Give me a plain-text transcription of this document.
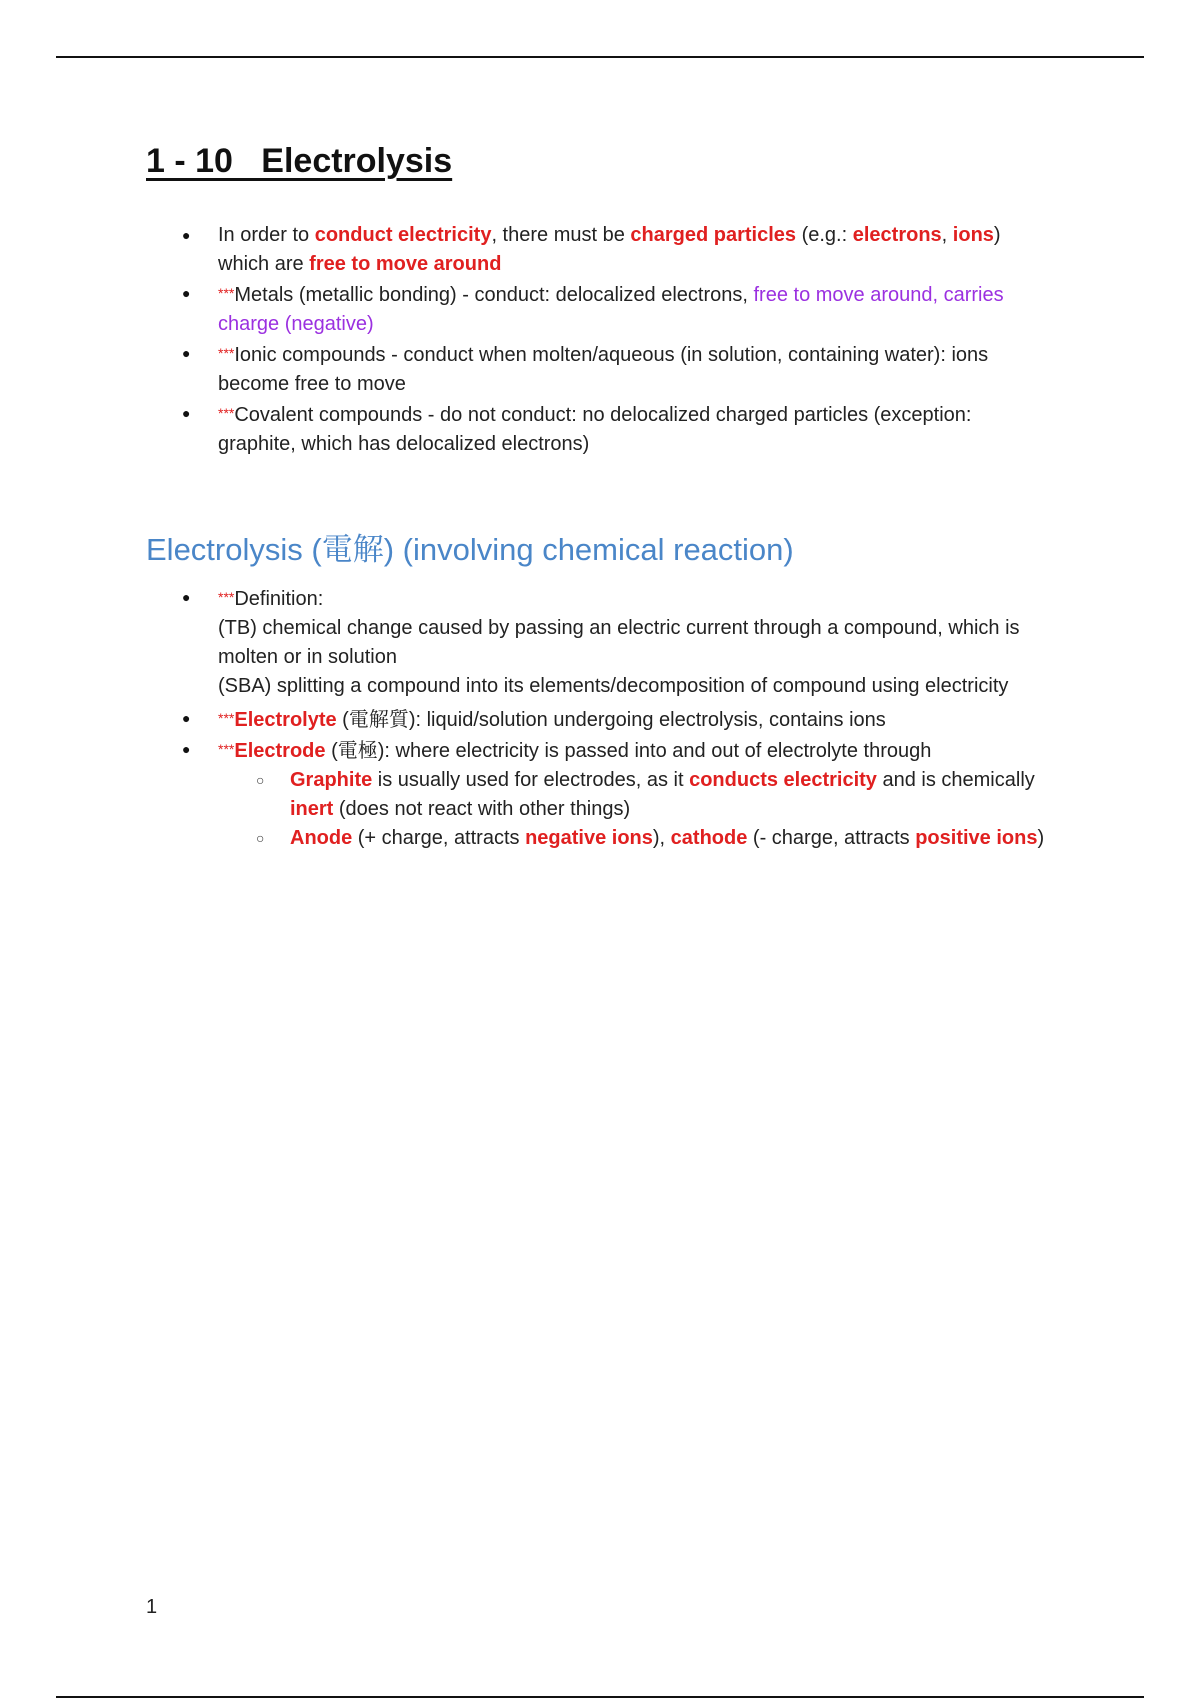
1 - 10   Electrolysis
● In order to conduct electricity, there must be charged particles (e.g.: electrons, ions) which are free to move around
● ***Metals (metallic bonding) - conduct: delocalized electrons, free to move around, carries charge (negative)
● ***Ionic compounds - conduct when molten/aqueous (in solution, containing water): ions become free to move
● ***Covalent compounds - do not conduct: no delocalized charged particles (exception: graphite, which has delocalized electrons)
Electrolysis (電解) (involving chemical reaction)
● ***Definition:
(TB) chemical change caused by passing an electric current through a compound, which is molten or in solution
(SBA) splitting a compound into its elements/decomposition of compound using electricity
● ***Electrolyte (電解質): liquid/solution undergoing electrolysis, contains ions
● ***Electrode (電極): where electricity is passed into and out of electrolyte through
○ Graphite is usually used for electrodes, as it conducts electricity and is chemically inert (does not react with other things)
○ Anode (+ charge, attracts negative ions), cathode (- charge, attracts positive ions)
1
